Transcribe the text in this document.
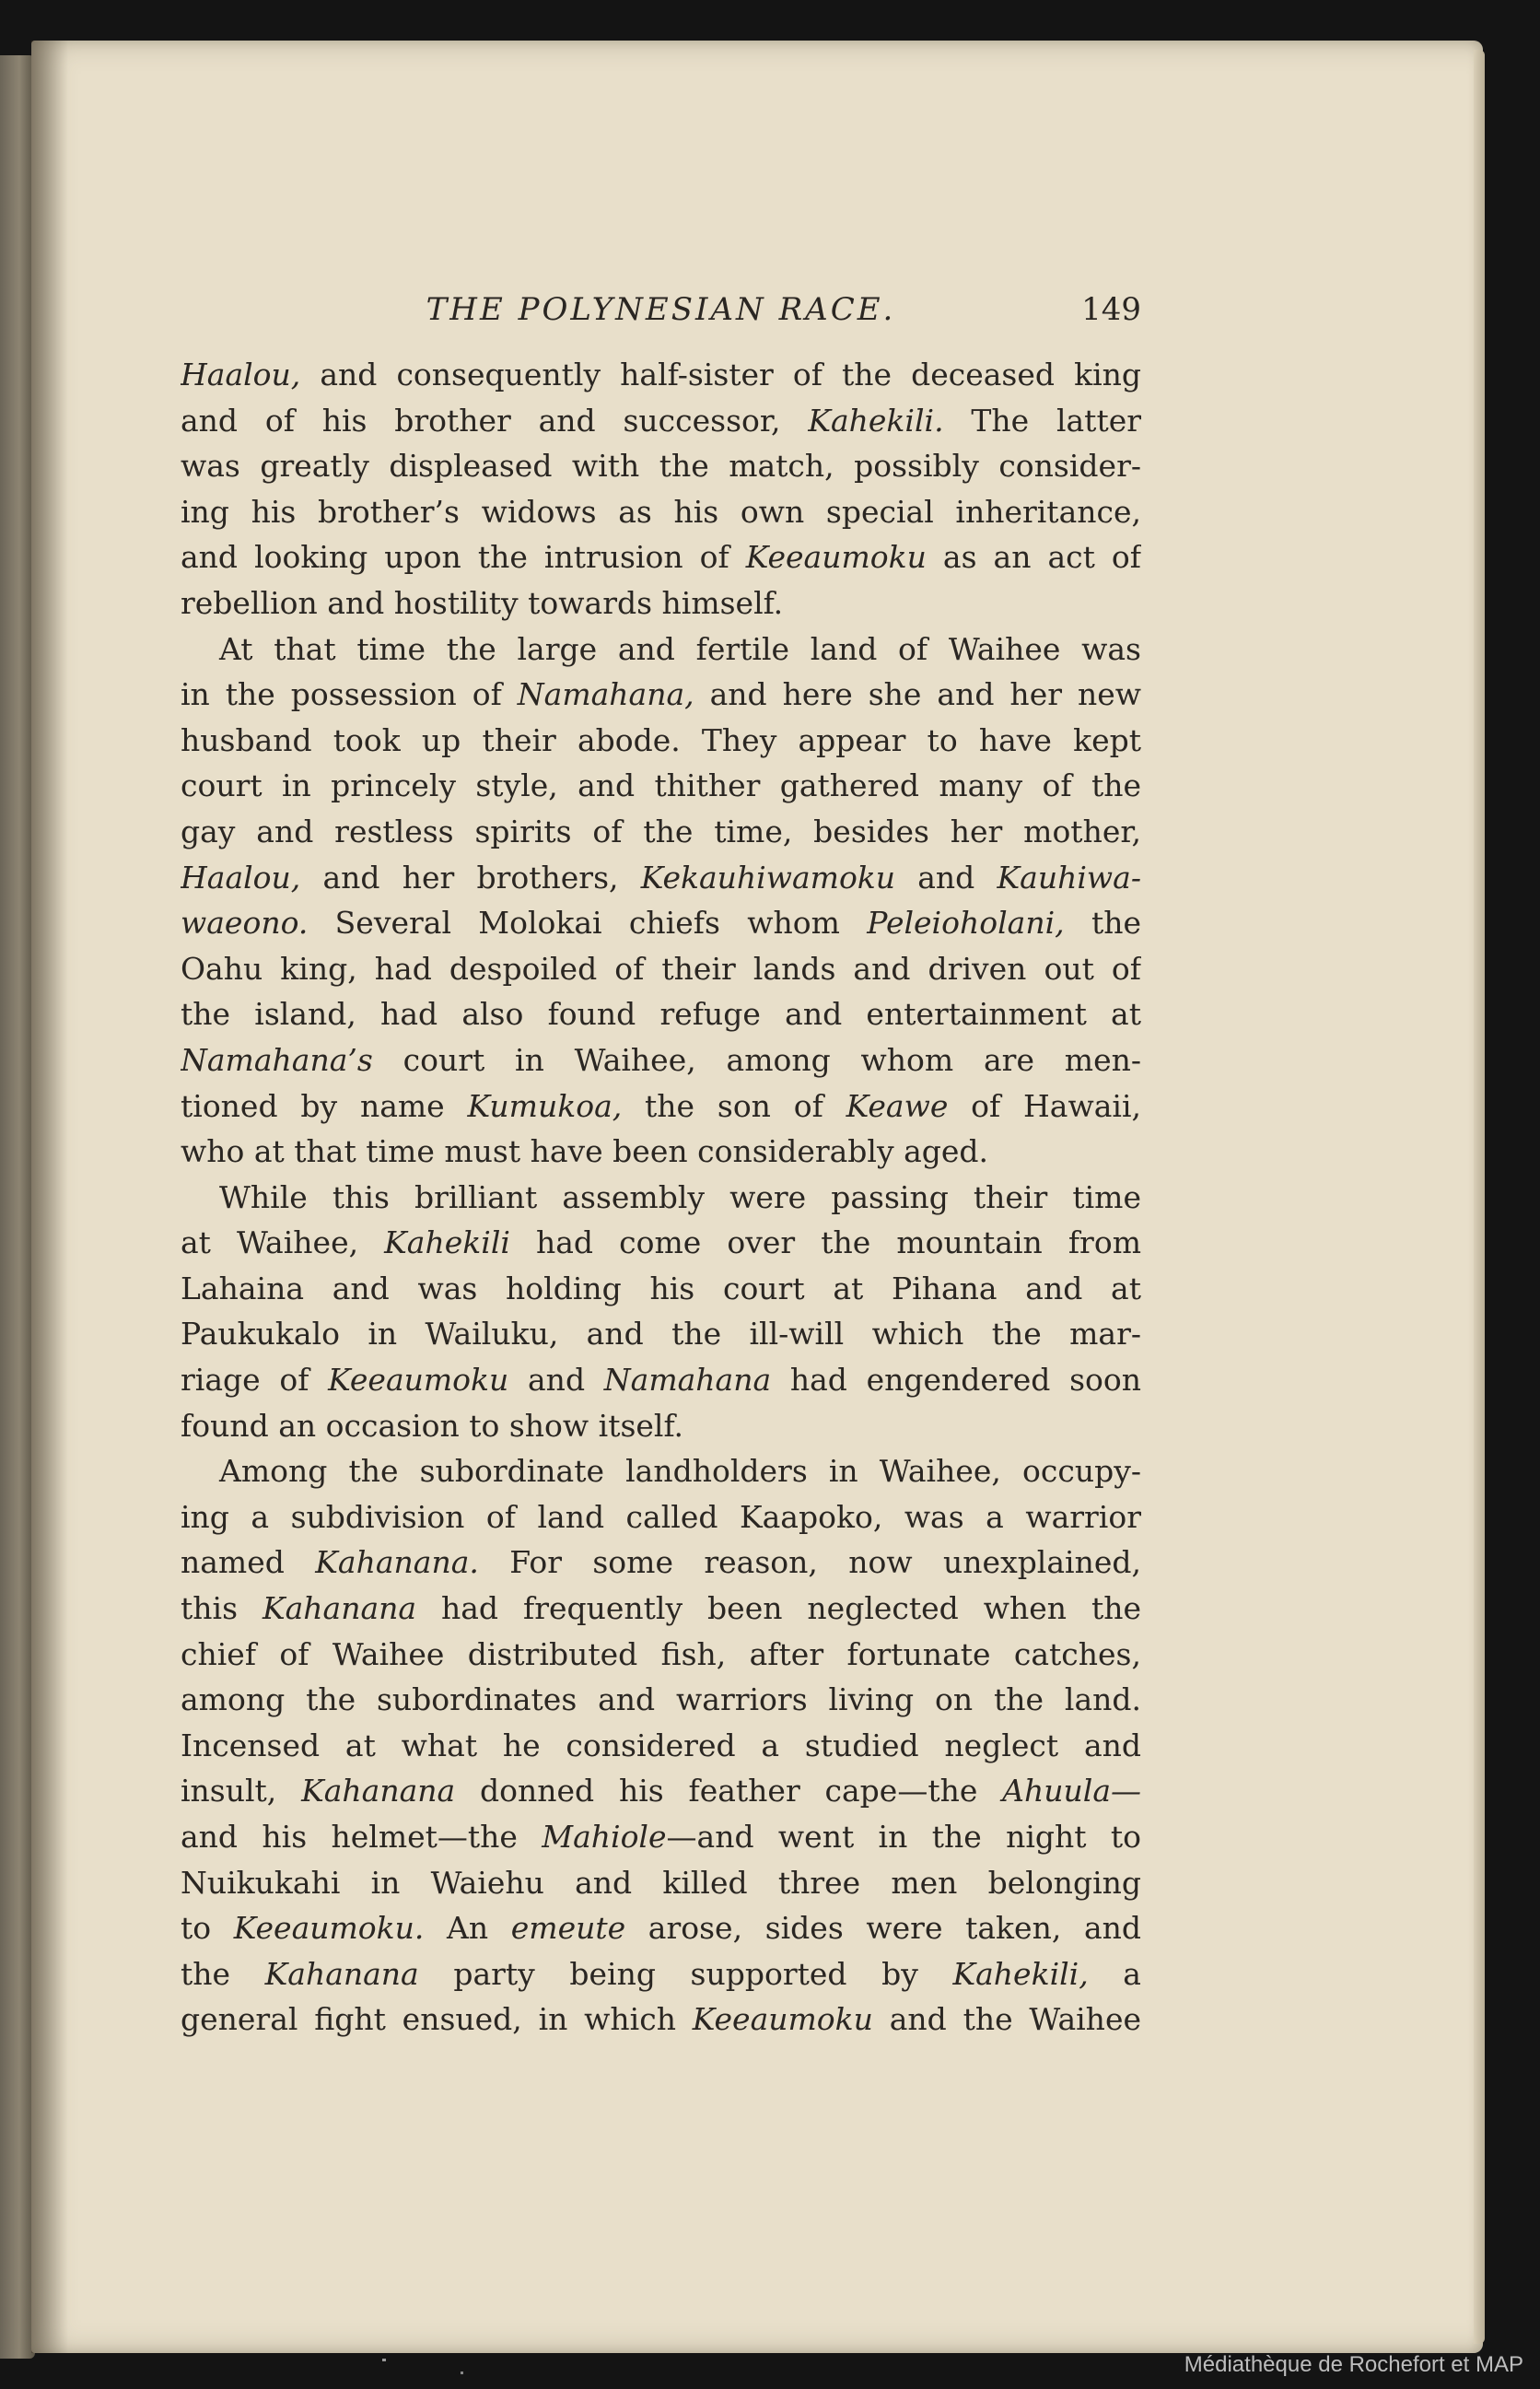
THE POLYNESIAN RACE.	149
Haalou, and consequently half-sister of the deceased king
and of his brother and successor, Kahekili. The latter
was greatly displeased with the match, possibly consider-
ing his brother’s widows as his own special inheritance,
and looking upon the intrusion of Keeaumoku as an act of
rebellion and hostility towards himself.
At that time the large and fertile land of Waihee was
in the possession of Namahana, and here she and her new
husband took up their abode. They appear to have kept
court in princely style, and thither gathered many of the
gay and restless spirits of the time, besides her mother,
Haalou, and her brothers, Kekauhiwamoku and Kauhiwa-
waeono. Several Molokai chiefs whom Peleioholani, the
Oahu king, had despoiled of their lands and driven out of
the island, had also found refuge and entertainment at
Namahana’s court in Waihee, among whom are men-
tioned by name Kumukoa, the son of Keawe of Hawaii,
who at that time must have been considerably aged.
While this brilliant assembly were passing their time
at Waihee, Kahekili had come over the mountain from
Lahaina and was holding his court at Pihana and at
Paukukalo in Wailuku, and the ill-will which the mar-
riage of Keeaumoku and Namahana had engendered soon
found an occasion to show itself.
Among the subordinate landholders in Waihee, occupy-
ing a subdivision of land called Kaapoko, was a warrior
named Kahanana. For some reason, now unexplained,
this Kahanana had frequently been neglected when the
chief of Waihee distributed fish, after fortunate catches,
among the subordinates and warriors living on the land.
Incensed at what he considered a studied neglect and
insult, Kahanana donned his feather cape—the Ahuula—
and his helmet—the Mahiole—and went in the night to
Nuikukahi in Waiehu and killed three men belonging
to Keeaumoku. An emeute arose, sides were taken, and
the Kahanana party being supported by Kahekili, a
general fight ensued, in which Keeaumoku and the Waihee
Médiathèque de Rochefort et MAP
